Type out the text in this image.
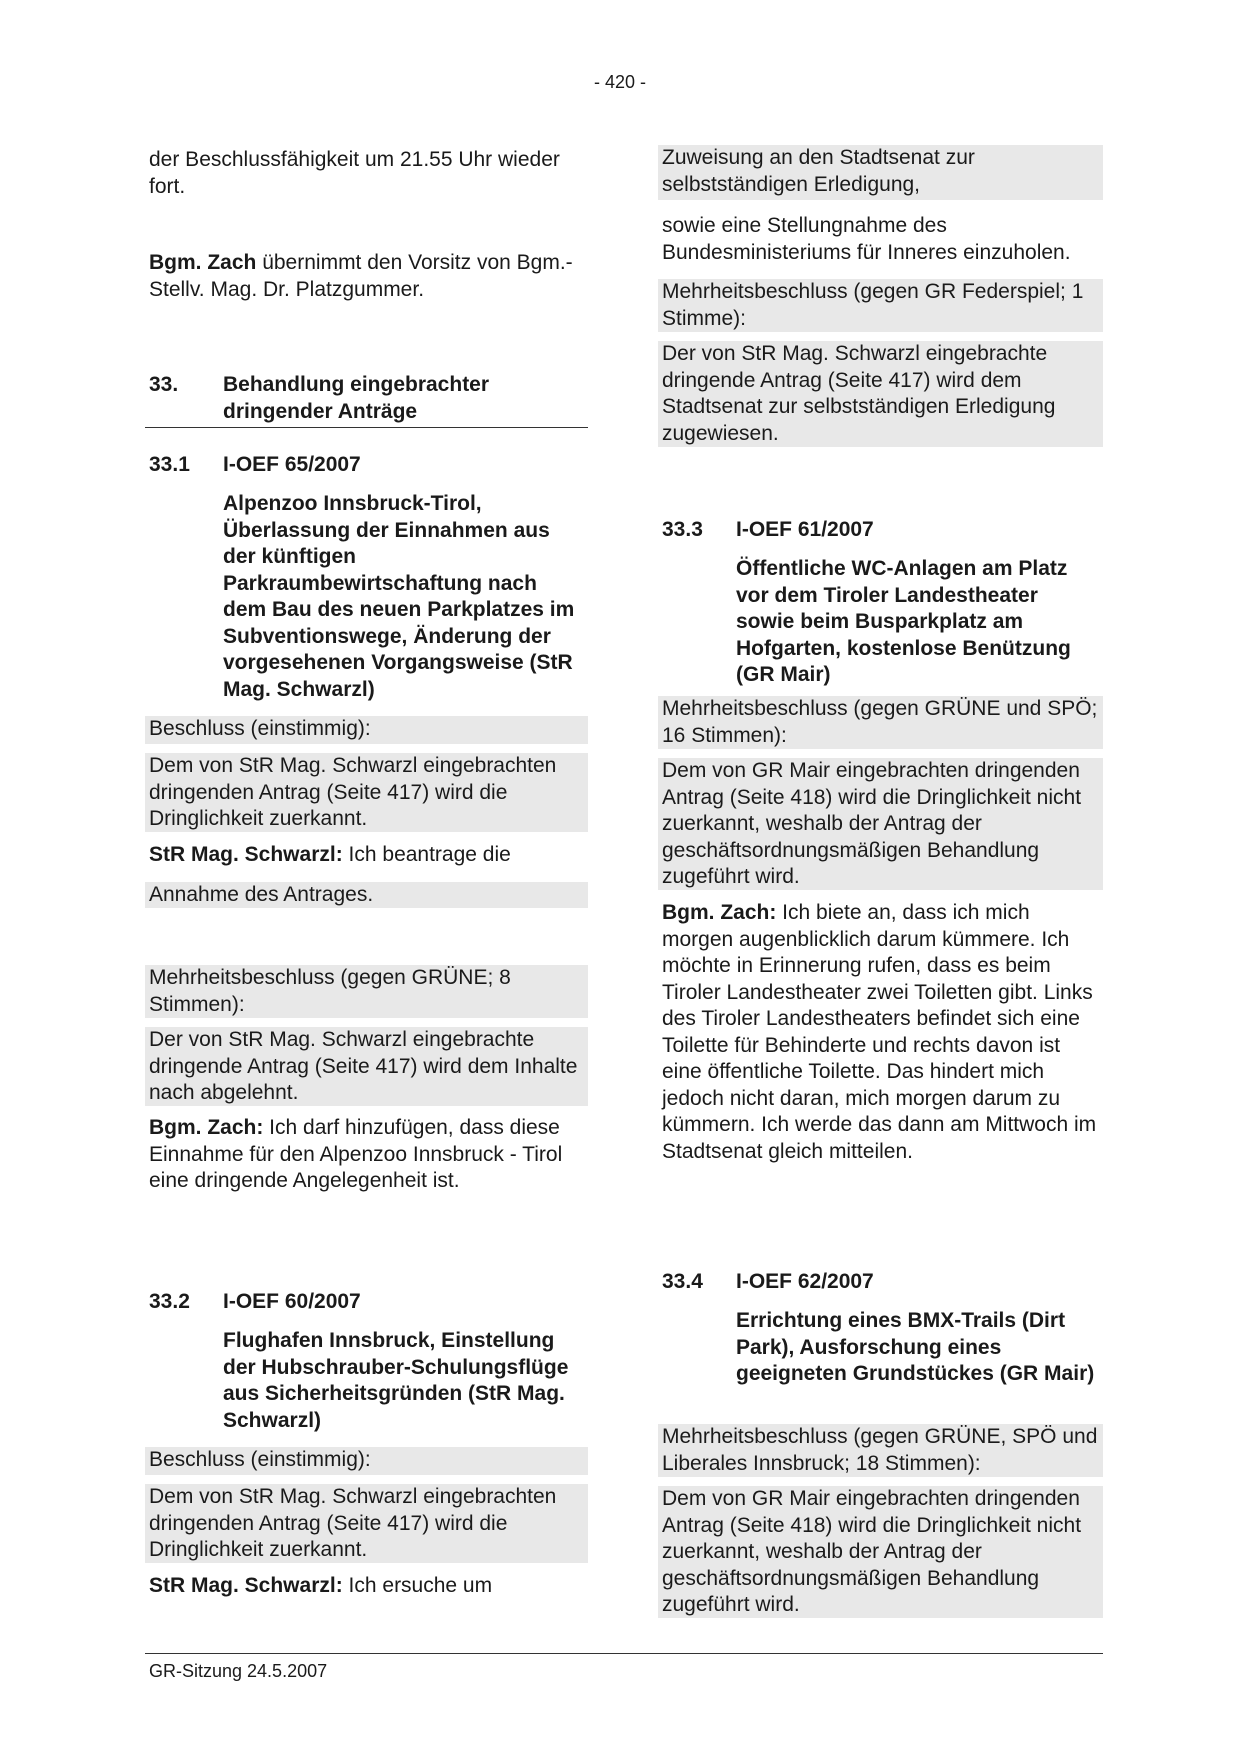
- 420 -
der Beschlussfähigkeit um 21.55 Uhr wieder fort.
Bgm. Zach übernimmt den Vorsitz von Bgm.-Stellv. Mag. Dr. Platzgummer.
33. Behandlung eingebrachter dringender Anträge
33.1 I-OEF 65/2007
Alpenzoo Innsbruck-Tirol, Überlassung der Einnahmen aus der künftigen Parkraumbewirtschaftung nach dem Bau des neuen Parkplatzes im Subventionswege, Änderung der vorgesehenen Vorgangsweise (StR Mag. Schwarzl)
Beschluss (einstimmig):
Dem von StR Mag. Schwarzl eingebrachten dringenden Antrag (Seite 417) wird die Dringlichkeit zuerkannt.
StR Mag. Schwarzl: Ich beantrage die
Annahme des Antrages.
Mehrheitsbeschluss (gegen GRÜNE; 8 Stimmen):
Der von StR Mag. Schwarzl eingebrachte dringende Antrag (Seite 417) wird dem Inhalte nach abgelehnt.
Bgm. Zach: Ich darf hinzufügen, dass diese Einnahme für den Alpenzoo Innsbruck - Tirol eine dringende Angelegenheit ist.
33.2 I-OEF 60/2007
Flughafen Innsbruck, Einstellung der Hubschrauber-Schulungsflüge aus Sicherheitsgründen (StR Mag. Schwarzl)
Beschluss (einstimmig):
Dem von StR Mag. Schwarzl eingebrachten dringenden Antrag (Seite 417) wird die Dringlichkeit zuerkannt.
StR Mag. Schwarzl: Ich ersuche um
Zuweisung an den Stadtsenat zur selbstständigen Erledigung,
sowie eine Stellungnahme des Bundesministeriums für Inneres einzuholen.
Mehrheitsbeschluss (gegen GR Federspiel; 1 Stimme):
Der von StR Mag. Schwarzl eingebrachte dringende Antrag (Seite 417) wird dem Stadtsenat zur selbstständigen Erledigung zugewiesen.
33.3 I-OEF 61/2007
Öffentliche WC-Anlagen am Platz vor dem Tiroler Landestheater sowie beim Busparkplatz am Hofgarten, kostenlose Benützung (GR Mair)
Mehrheitsbeschluss (gegen GRÜNE und SPÖ; 16 Stimmen):
Dem von GR Mair eingebrachten dringenden Antrag (Seite 418) wird die Dringlichkeit nicht zuerkannt, weshalb der Antrag der geschäftsordnungsmäßigen Behandlung zugeführt wird.
Bgm. Zach: Ich biete an, dass ich mich morgen augenblicklich darum kümmere. Ich möchte in Erinnerung rufen, dass es beim Tiroler Landestheater zwei Toiletten gibt. Links des Tiroler Landestheaters befindet sich eine Toilette für Behinderte und rechts davon ist eine öffentliche Toilette. Das hindert mich jedoch nicht daran, mich morgen darum zu kümmern. Ich werde das dann am Mittwoch im Stadtsenat gleich mitteilen.
33.4 I-OEF 62/2007
Errichtung eines BMX-Trails (Dirt Park), Ausforschung eines geeigneten Grundstückes (GR Mair)
Mehrheitsbeschluss (gegen GRÜNE, SPÖ und Liberales Innsbruck; 18 Stimmen):
Dem von GR Mair eingebrachten dringenden Antrag (Seite 418) wird die Dringlichkeit nicht zuerkannt, weshalb der Antrag der geschäftsordnungsmäßigen Behandlung zugeführt wird.
GR-Sitzung 24.5.2007
